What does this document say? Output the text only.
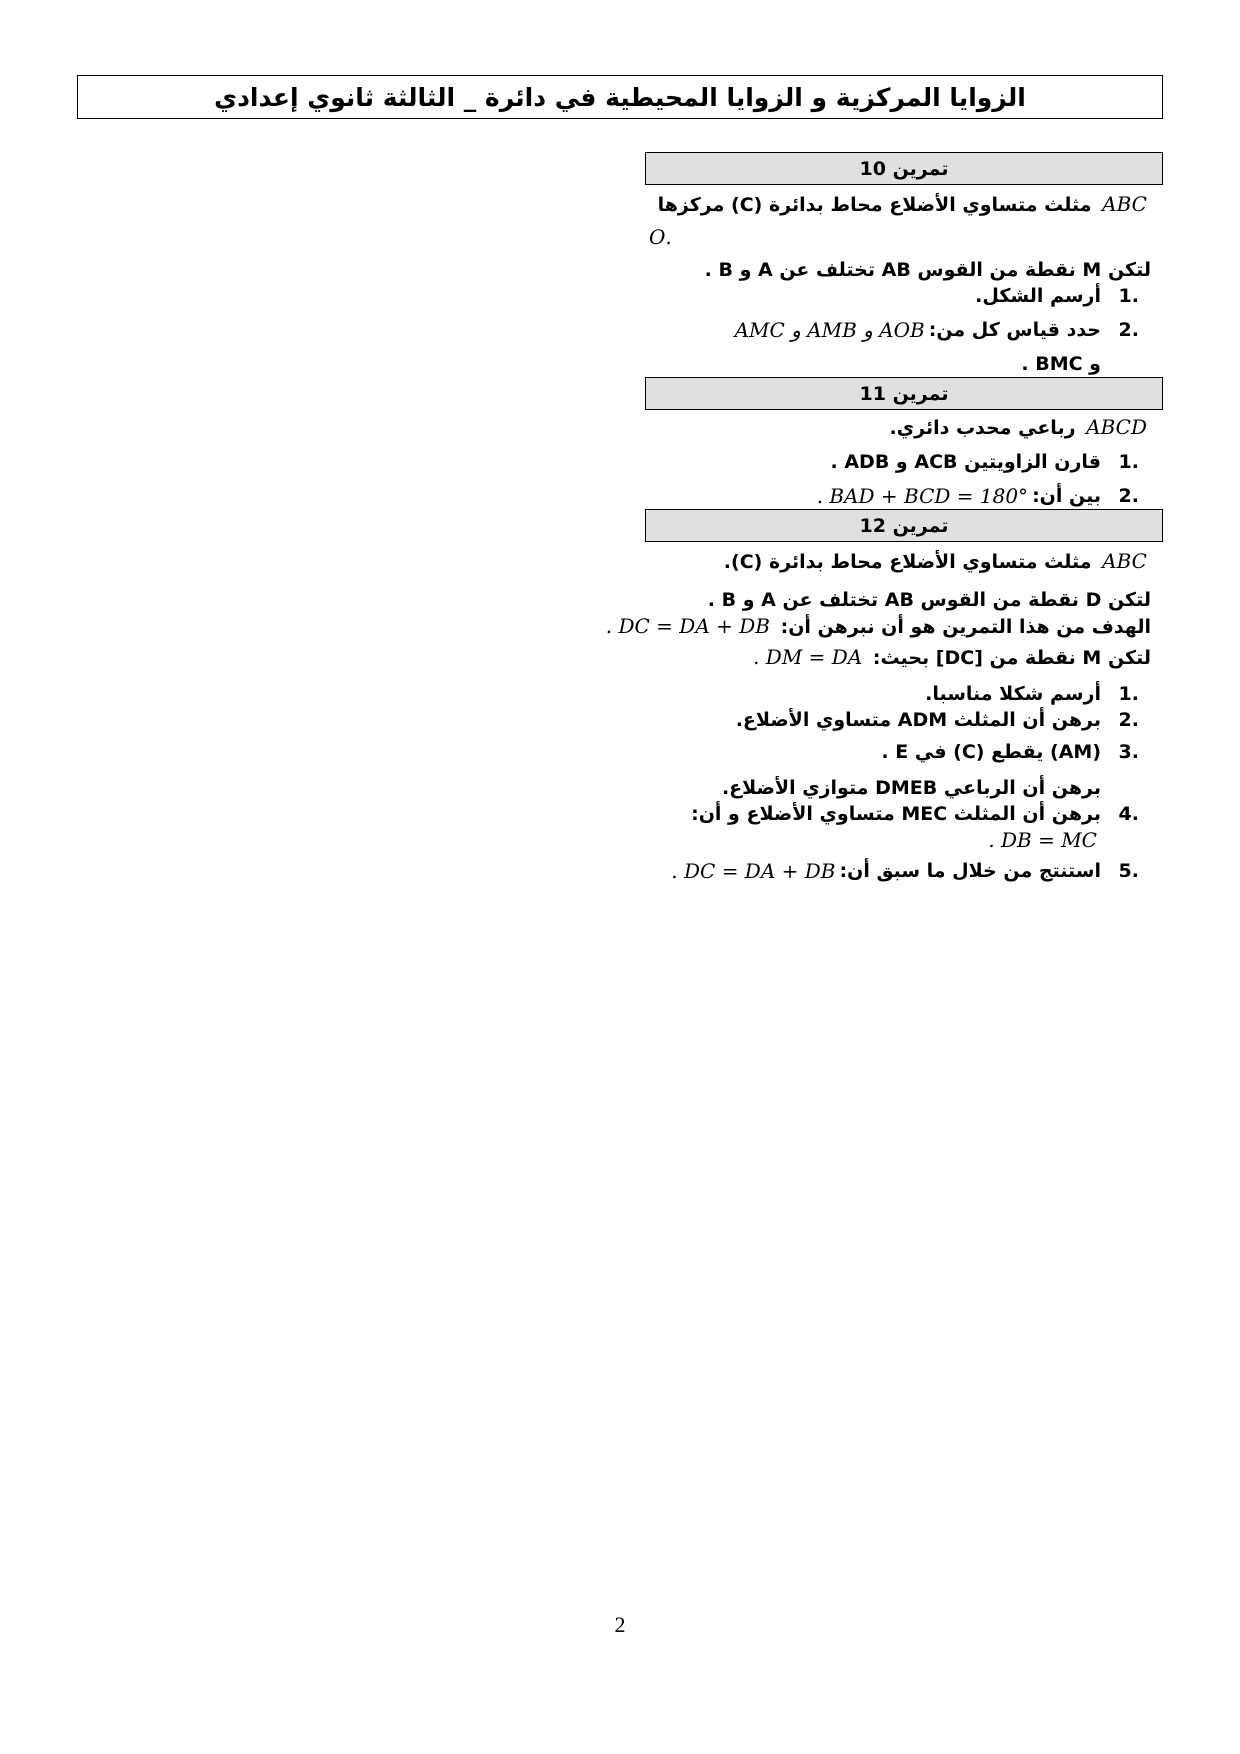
الزوايا المركزية و الزوايا المحيطية في دائرة _ الثالثة ثانوي إعدادي
تمرين 10
ABC مثلث متساوي الأضلاع محاط بدائرة (C) مركزها
.O
لتكن M نقطة من القوس AB تختلف عن A و B .
.1
أرسم الشكل.
.2
حدد قياس كل من:
AOB و AMB و AMC
و BMC .
تمرين 11
ABCD رباعي محدب دائري.
.1
قارن الزاويتين ACB و ADB .
.2
بين أن:
BAD + BCD = 180° .
تمرين 12
ABC مثلث متساوي الأضلاع محاط بدائرة (C).
لتكن D نقطة من القوس AB تختلف عن A و B .
الهدف من هذا التمرين هو أن نبرهن أن: DC = DA + DB .
لتكن M نقطة من [DC] بحيث: DM = DA .
.1
أرسم شكلا مناسبا.
.2
برهن أن المثلث ADM متساوي الأضلاع.
.3
(AM) يقطع (C) في E .
برهن أن الرباعي DMEB متوازي الأضلاع.
.4
برهن أن المثلث MEC متساوي الأضلاع و أن:
DB = MC .
.5
استنتج من خلال ما سبق أن:
DC = DA + DB .
2
